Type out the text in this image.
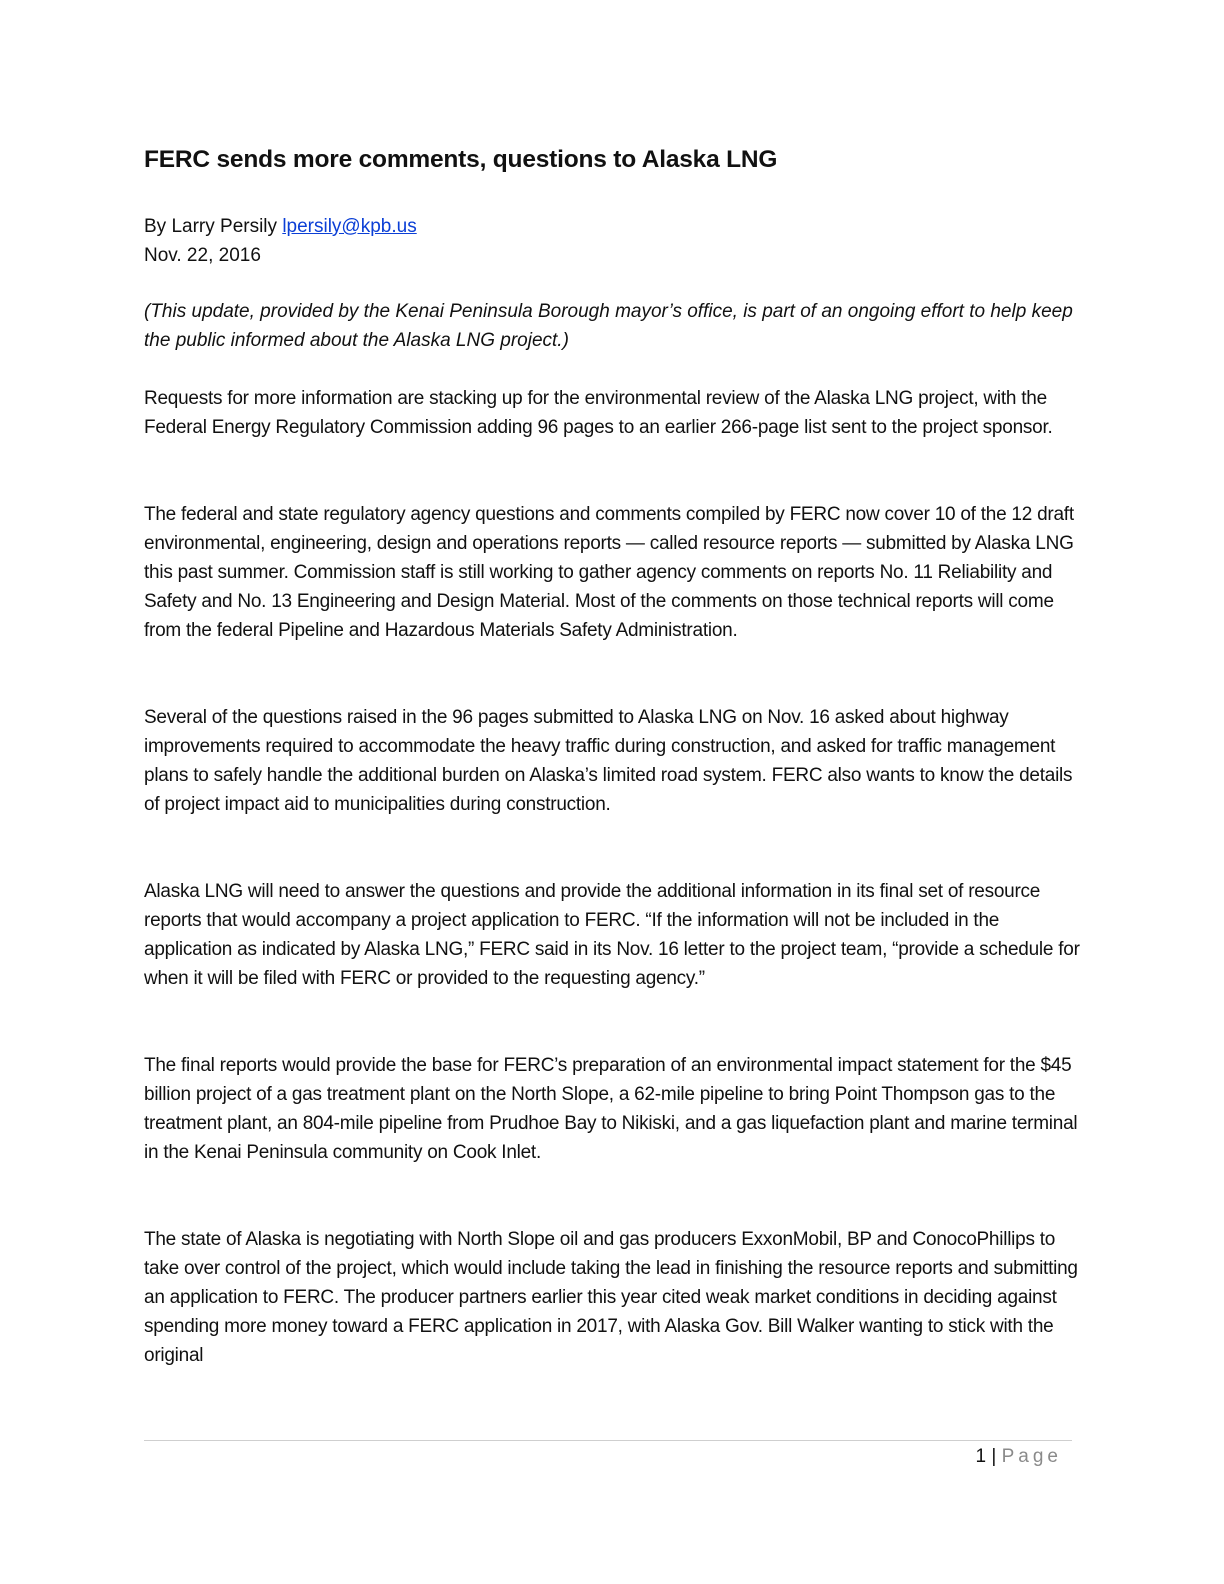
FERC sends more comments, questions to Alaska LNG
By Larry Persily lpersily@kpb.us
Nov. 22, 2016

(This update, provided by the Kenai Peninsula Borough mayor’s office, is part of an ongoing effort to help keep the public informed about the Alaska LNG project.)

Requests for more information are stacking up for the environmental review of the Alaska LNG project, with the Federal Energy Regulatory Commission adding 96 pages to an earlier 266-page list sent to the project sponsor.

The federal and state regulatory agency questions and comments compiled by FERC now cover 10 of the 12 draft environmental, engineering, design and operations reports — called resource reports — submitted by Alaska LNG this past summer. Commission staff is still working to gather agency comments on reports No. 11 Reliability and Safety and No. 13 Engineering and Design Material. Most of the comments on those technical reports will come from the federal Pipeline and Hazardous Materials Safety Administration.

Several of the questions raised in the 96 pages submitted to Alaska LNG on Nov. 16 asked about highway improvements required to accommodate the heavy traffic during construction, and asked for traffic management plans to safely handle the additional burden on Alaska’s limited road system. FERC also wants to know the details of project impact aid to municipalities during construction.

Alaska LNG will need to answer the questions and provide the additional information in its final set of resource reports that would accompany a project application to FERC. “If the information will not be included in the application as indicated by Alaska LNG,” FERC said in its Nov. 16 letter to the project team, “provide a schedule for when it will be filed with FERC or provided to the requesting agency.”

The final reports would provide the base for FERC’s preparation of an environmental impact statement for the $45 billion project of a gas treatment plant on the North Slope, a 62-mile pipeline to bring Point Thompson gas to the treatment plant, an 804-mile pipeline from Prudhoe Bay to Nikiski, and a gas liquefaction plant and marine terminal in the Kenai Peninsula community on Cook Inlet.

The state of Alaska is negotiating with North Slope oil and gas producers ExxonMobil, BP and ConocoPhillips to take over control of the project, which would include taking the lead in finishing the resource reports and submitting an application to FERC. The producer partners earlier this year cited weak market conditions in deciding against spending more money toward a FERC application in 2017, with Alaska Gov. Bill Walker wanting to stick with the original

1 | Page
